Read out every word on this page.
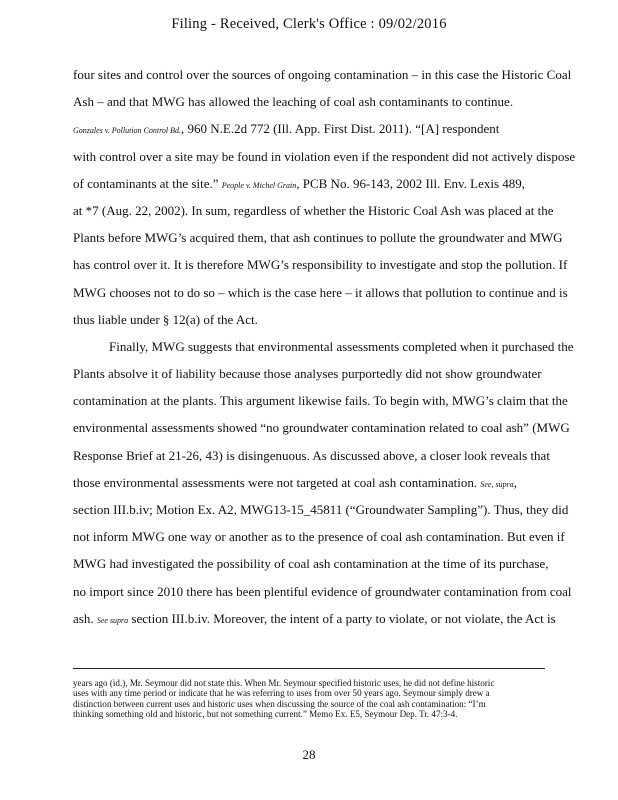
Filing - Received, Clerk's Office : 09/02/2016
four sites and control over the sources of ongoing contamination – in this case the Historic Coal
Ash – and that MWG has allowed the leaching of coal ash contaminants to continue.
Gonzales v. Pollution Control Bd., 960 N.E.2d 772 (Ill. App. First Dist. 2011). “[A] respondent
with control over a site may be found in violation even if the respondent did not actively dispose
of contaminants at the site.” People v. Michel Grain, PCB No. 96-143, 2002 Ill. Env. Lexis 489,
at *7 (Aug. 22, 2002). In sum, regardless of whether the Historic Coal Ash was placed at the
Plants before MWG’s acquired them, that ash continues to pollute the groundwater and MWG
has control over it. It is therefore MWG’s responsibility to investigate and stop the pollution. If
MWG chooses not to do so – which is the case here – it allows that pollution to continue and is
thus liable under § 12(a) of the Act.
Finally, MWG suggests that environmental assessments completed when it purchased the
Plants absolve it of liability because those analyses purportedly did not show groundwater
contamination at the plants. This argument likewise fails. To begin with, MWG’s claim that the
environmental assessments showed “no groundwater contamination related to coal ash” (MWG
Response Brief at 21-26, 43) is disingenuous. As discussed above, a closer look reveals that
those environmental assessments were not targeted at coal ash contamination. See, supra,
section III.b.iv; Motion Ex. A2, MWG13-15_45811 (“Groundwater Sampling”). Thus, they did
not inform MWG one way or another as to the presence of coal ash contamination. But even if
MWG had investigated the possibility of coal ash contamination at the time of its purchase,
no import since 2010 there has been plentiful evidence of groundwater contamination from coal
ash. See supra section III.b.iv. Moreover, the intent of a party to violate, or not violate, the Act is
years ago (id.), Mr. Seymour did not state this. When Mr. Seymour specified historic uses, he did not define historic
uses with any time period or indicate that he was referring to uses from over 50 years ago. Seymour simply drew a
distinction between current uses and historic uses when discussing the source of the coal ash contamination: “I’m
thinking something old and historic, but not something current.” Memo Ex. E5, Seymour Dep. Tr. 47:3-4.
28
